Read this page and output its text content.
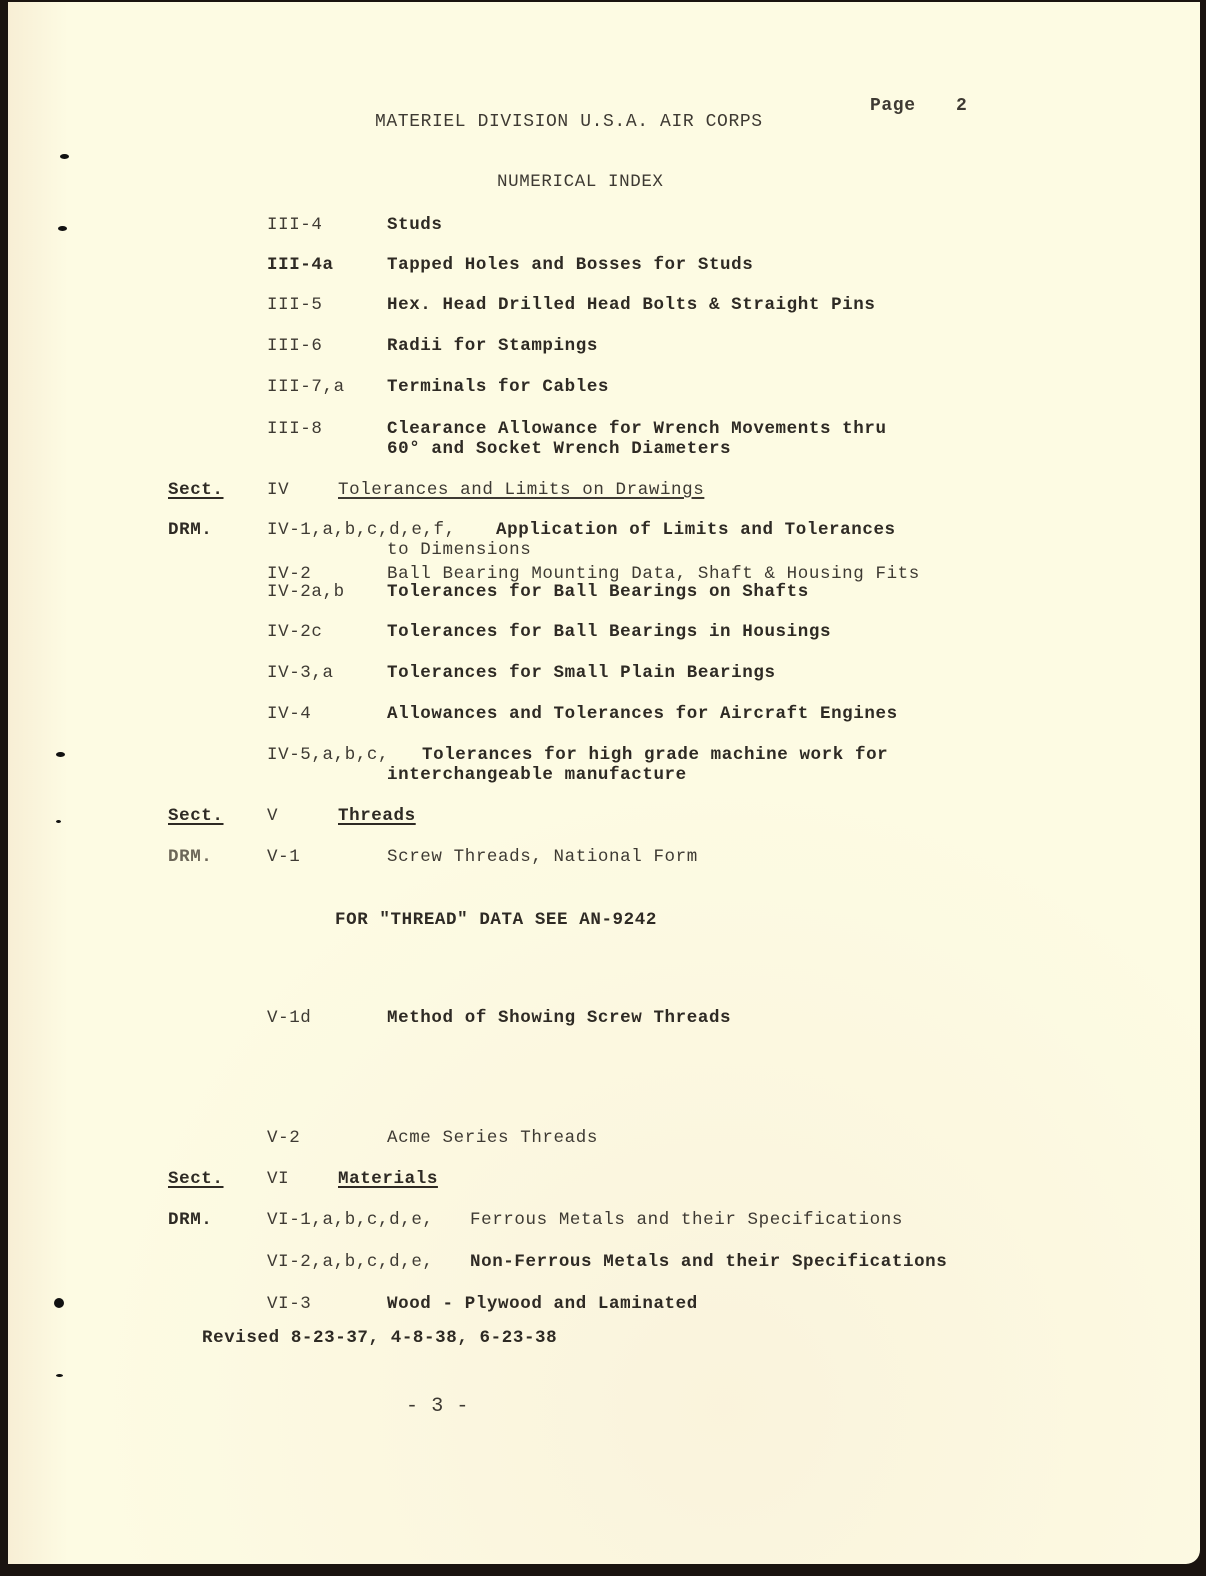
MATERIEL DIVISION U.S.A. AIR CORPS
Page 2
NUMERICAL INDEX
III-4	Studs
III-4a	Tapped Holes and Bosses for Studs
III-5	Hex. Head Drilled Head Bolts & Straight Pins
III-6	Radii for Stampings
III-7,a Terminals for Cables
III-8	Clearance Allowance for Wrench Movements thru
60° and Socket Wrench Diameters
Sect. IV	Tolerances and Limits on Drawings
DRM.	IV-1,a,b,c,d,e,f, Application of Limits and Tolerances
to Dimensions
IV-2	Ball Bearing Mounting Data, Shaft & Housing Fits
IV-2a,b Tolerances for Ball Bearings on Shafts
IV-2c	Tolerances for Ball Bearings in Housings
IV-3,a	Tolerances for Small Plain Bearings
IV-4	Allowances and Tolerances for Aircraft Engines
IV-5,a,b,c, Tolerances for high grade machine work for
interchangeable manufacture
Sect. V	Threads
DRM.	V-1	Screw Threads, National Form
FOR "THREAD" DATA SEE AN-9242
V-1d	Method of Showing Screw Threads
V-2	Acme Series Threads
Sect. VI	Materials
DRM.	VI-1,a,b,c,d,e, Ferrous Metals and their Specifications
VI-2,a,b,c,d,e, Non-Ferrous Metals and their Specifications
VI-3	Wood - Plywood and Laminated
Revised 8-23-37, 4-8-38, 6-23-38
- 3 -
